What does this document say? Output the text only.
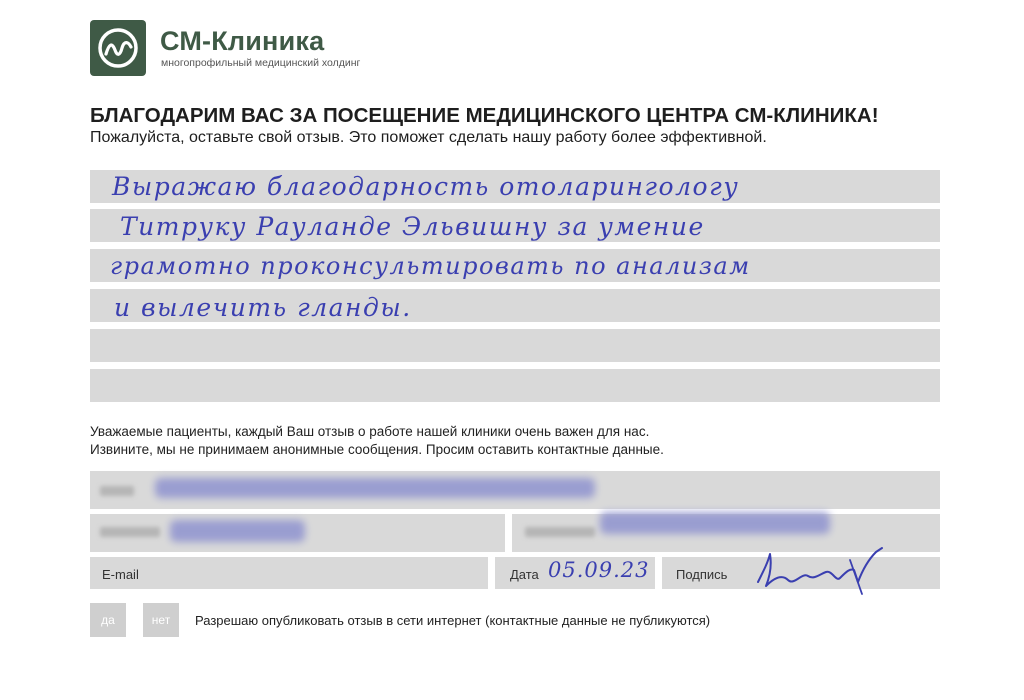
СМ-Клиника
многопрофильный медицинский холдинг
БЛАГОДАРИМ ВАС ЗА ПОСЕЩЕНИЕ МЕДИЦИНСКОГО ЦЕНТРА СМ-КЛИНИКА!
Пожалуйста, оставьте свой отзыв. Это поможет сделать нашу работу более эффективной.
Выражаю благодарность отоларингологу
Титруку Рауланде Эльвишну за умение
грамотно проконсультировать по анализам
и вылечить гланды.
Уважаемые пациенты, каждый Ваш отзыв о работе нашей клиники очень важен для нас.
Извините, мы не принимаем анонимные сообщения. Просим оставить контактные данные.
E-mail	Дата 05.09.23 Подпись
да	нет	Разрешаю опубликовать отзыв в сети интернет (контактные данные не публикуются)
